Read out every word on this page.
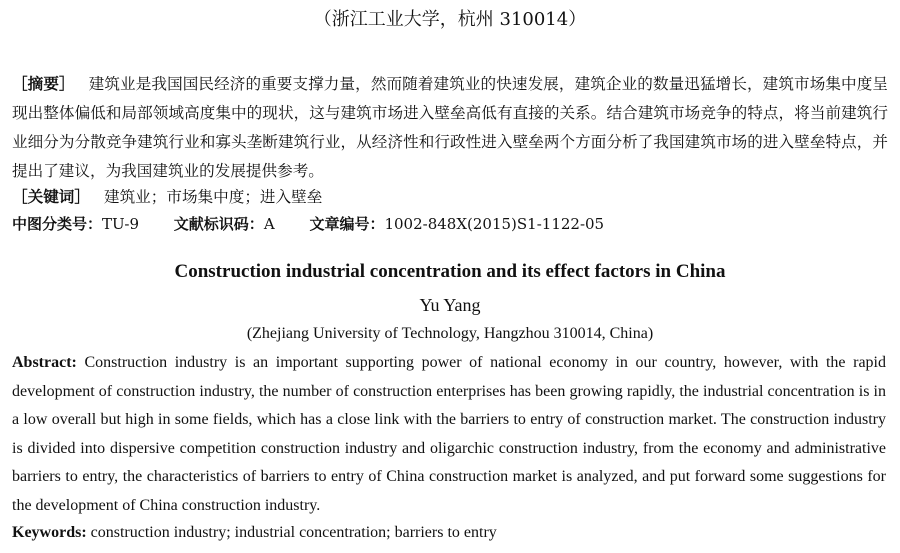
（浙江工业大学，杭州 310014）
［摘要］ 建筑业是我国国民经济的重要支撑力量，然而随着建筑业的快速发展，建筑企业的数量迅猛增长，建筑市场集中度呈现出整体偏低和局部领域高度集中的现状，这与建筑市场进入壁垒高低有直接的关系。结合建筑市场竞争的特点，将当前建筑行业细分为分散竞争建筑行业和寡头垄断建筑行业，从经济性和行政性进入壁垒两个方面分析了我国建筑市场的进入壁垒特点，并提出了建议，为我国建筑业的发展提供参考。
［关键词］ 建筑业；市场集中度；进入壁垒
中图分类号：TU-9 文献标识码：A 文章编号：1002-848X(2015)S1-1122-05
Construction industrial concentration and its effect factors in China
Yu Yang
(Zhejiang University of Technology, Hangzhou 310014, China)
Abstract: Construction industry is an important supporting power of national economy in our country, however, with the rapid development of construction industry, the number of construction enterprises has been growing rapidly, the industrial concentration is in a low overall but high in some fields, which has a close link with the barriers to entry of construction market. The construction industry is divided into dispersive competition construction industry and oligarchic construction industry, from the economy and administrative barriers to entry, the characteristics of barriers to entry of China construction market is analyzed, and put forward some suggestions for the development of China construction industry.
Keywords: construction industry; industrial concentration; barriers to entry
